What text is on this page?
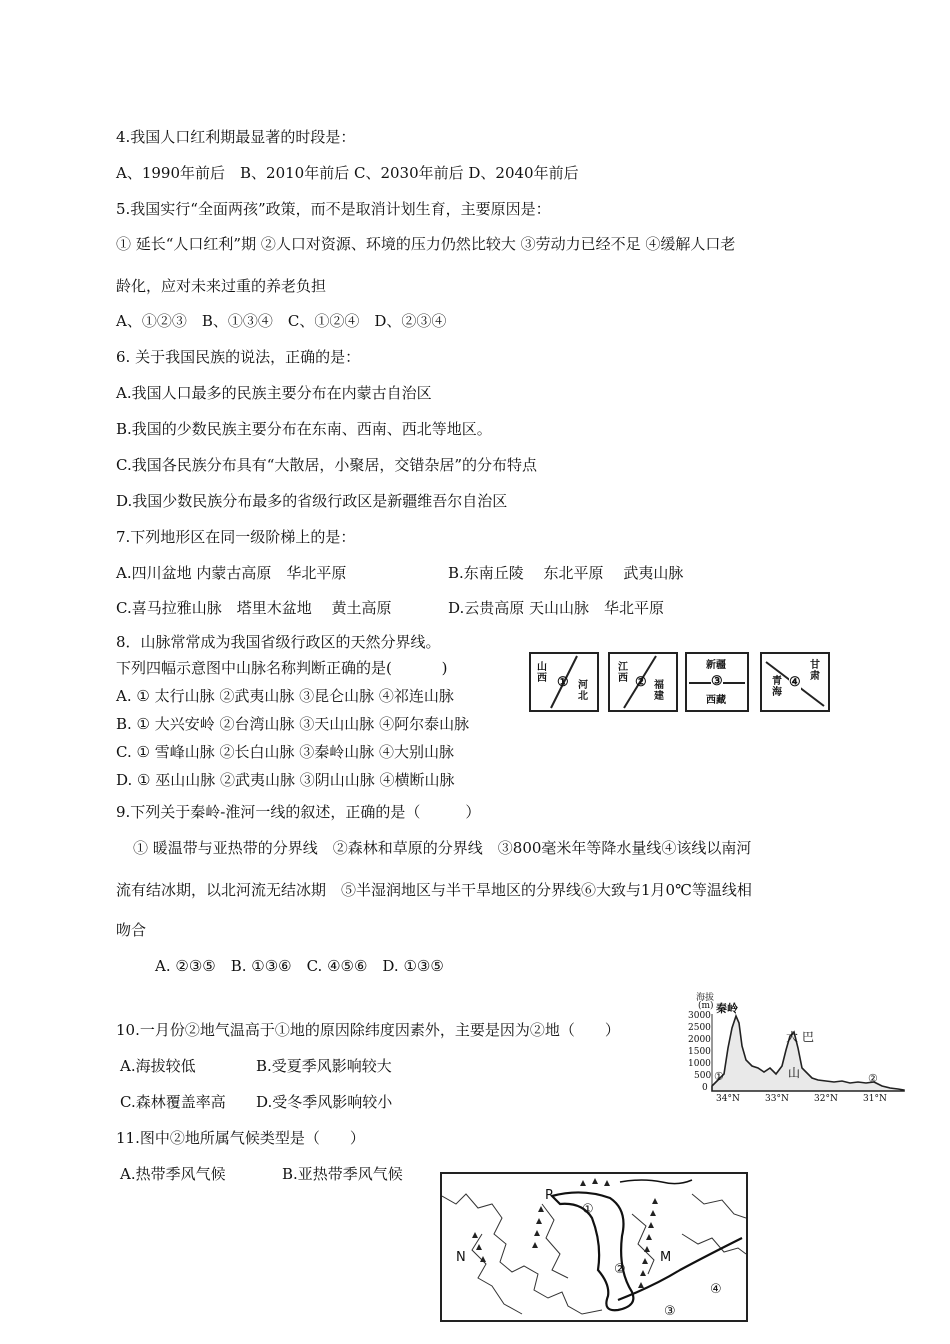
4.我国人口红利期最显著的时段是：
A、1990年前后　B、2010年前后 C、2030年前后 D、2040年前后
5.我国实行“全面两孩”政策，而不是取消计划生育，主要原因是：
① 延长“人口红利”期 ②人口对资源、环境的压力仍然比较大 ③劳动力已经不足 ④缓解人口老
龄化，应对未来过重的养老负担
A、①②③　B、①③④　C、①②④　D、②③④
6. 关于我国民族的说法，正确的是：
A.我国人口最多的民族主要分布在内蒙古自治区
B.我国的少数民族主要分布在东南、西南、西北等地区。
C.我国各民族分布具有“大散居，小聚居，交错杂居”的分布特点
D.我国少数民族分布最多的省级行政区是新疆维吾尔自治区
7.下列地形区在同一级阶梯上的是：
A.四川盆地 内蒙古高原　华北平原	B.东南丘陵　 东北平原　 武夷山脉
C.喜马拉雅山脉　塔里木盆地　 黄土高原	D.云贵高原 天山山脉　华北平原
8．山脉常常成为我国省级行政区的天然分界线。
下列四幅示意图中山脉名称判断正确的是(　　 　)
A. ① 太行山脉 ②武夷山脉 ③昆仑山脉 ④祁连山脉
B. ① 大兴安岭 ②台湾山脉 ③天山山脉 ④阿尔泰山脉
C. ① 雪峰山脉 ②长白山脉 ③秦岭山脉 ④大别山脉
D. ① 巫山山脉 ②武夷山脉 ③阴山山脉 ④横断山脉
山
西 ① 河
北
江
西 ② 福
建
新疆
③
西藏
青
海
④
甘
肃
9.下列关于秦岭-淮河一线的叙述，正确的是（　　　）
① 暖温带与亚热带的分界线　②森林和草原的分界线　③800毫米年等降水量线④该线以南河
流有结冰期，以北河流无结冰期　⑤半湿润地区与半干旱地区的分界线⑥大致与1月0℃等温线相
吻合
A. ②③⑤　B. ①③⑥　C. ④⑤⑥　D. ①③⑤
10.一月份②地气温高于①地的原因除纬度因素外，主要是因为②地（　　）
A.海拔较低	B.受夏季风影响较大
C.森林覆盖率高 D.受冬季风影响较小
11.图中②地所属气候类型是（　　）
A.热带季风气候	B.亚热带季风气候
海拔
(m)
3000
2500
2000
1500
1000
500
0
秦岭
大 巴
山
①	②
34°N	33°N	32°N	31°N
P
M
N
①
②
③
④
